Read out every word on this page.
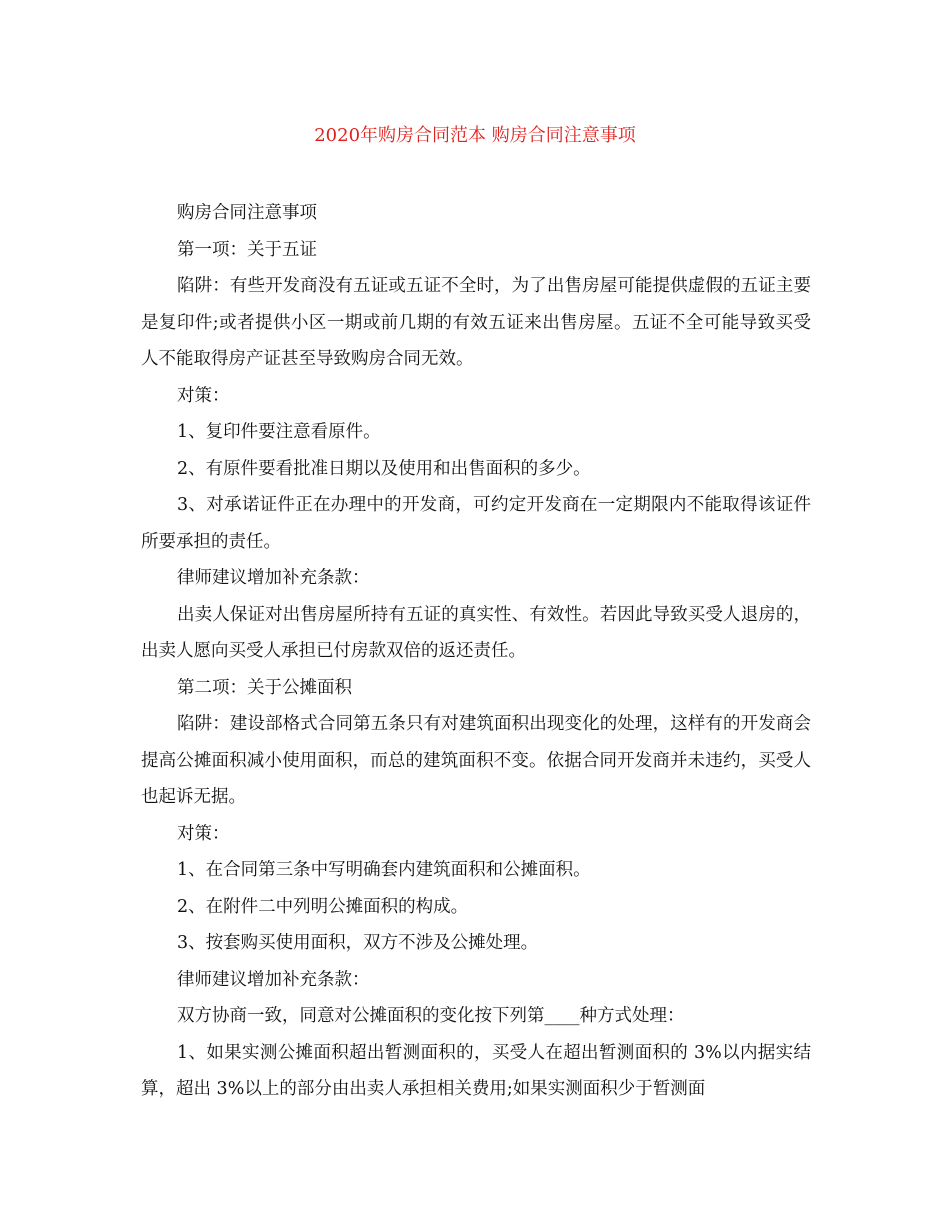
2020年购房合同范本 购房合同注意事项

购房合同注意事项

第一项：关于五证

陷阱：有些开发商没有五证或五证不全时，为了出售房屋可能提供虚假的五证主要是复印件;或者提供小区一期或前几期的有效五证来出售房屋。五证不全可能导致买受人不能取得房产证甚至导致购房合同无效。

对策：

1、复印件要注意看原件。

2、有原件要看批准日期以及使用和出售面积的多少。

3、对承诺证件正在办理中的开发商，可约定开发商在一定期限内不能取得该证件所要承担的责任。

律师建议增加补充条款：

出卖人保证对出售房屋所持有五证的真实性、有效性。若因此导致买受人退房的，出卖人愿向买受人承担已付房款双倍的返还责任。

第二项：关于公摊面积

陷阱：建设部格式合同第五条只有对建筑面积出现变化的处理，这样有的开发商会提高公摊面积减小使用面积，而总的建筑面积不变。依据合同开发商并未违约，买受人也起诉无据。

对策：

1、在合同第三条中写明确套内建筑面积和公摊面积。

2、在附件二中列明公摊面积的构成。

3、按套购买使用面积，双方不涉及公摊处理。

律师建议增加补充条款：

双方协商一致，同意对公摊面积的变化按下列第____种方式处理：

1、如果实测公摊面积超出暂测面积的，买受人在超出暂测面积的 3%以内据实结算，超出 3%以上的部分由出卖人承担相关费用;如果实测面积少于暂测面
